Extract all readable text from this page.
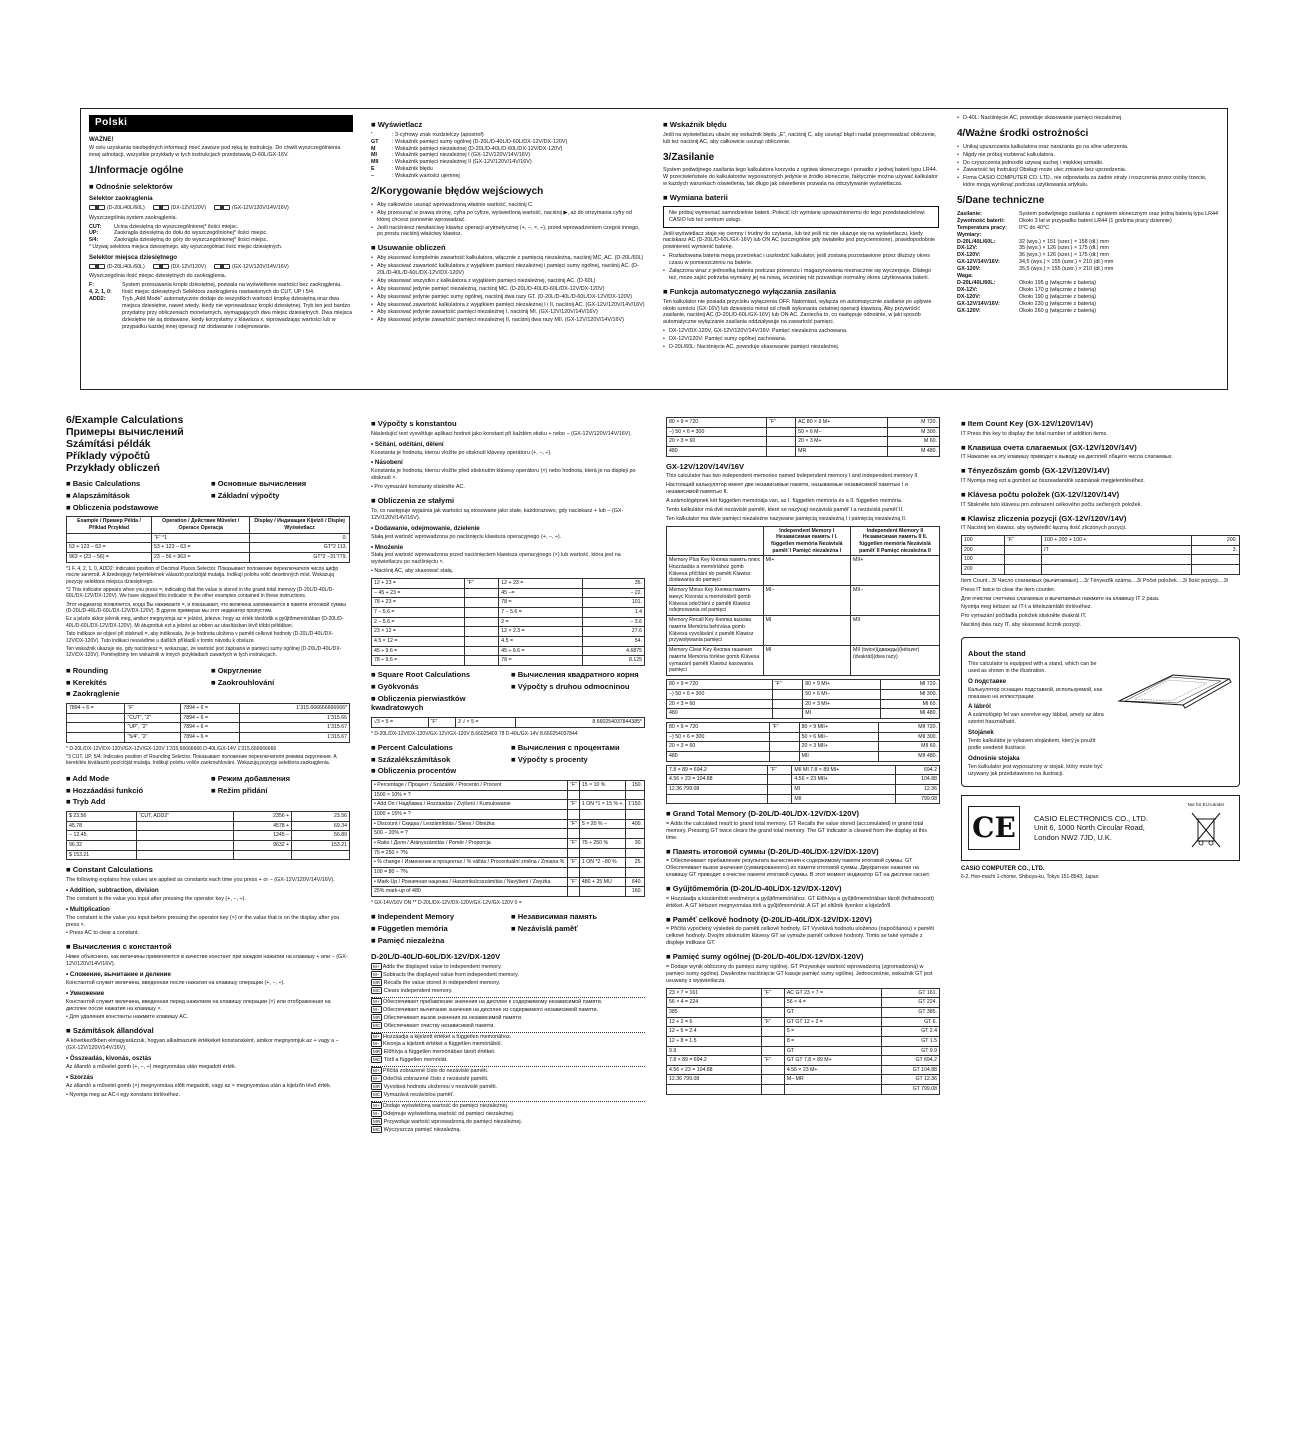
Polski
WAŻNE!

W celu uzyskania niezbędnych informacji mieć zawsze pod ręką tę instrukcję. Do chwili wyszczególnienia innej adnotacji, wszystkie przykłady w tych instrukcjach przedstawią D-60L/GX-16V.

1/Informacje ogólne
■ Odnośnie selektorów
Selektor zaokrąglenia
(D-20L/40L/60L)	(DX-12V/120V)	(GX-12V/120V/14V/16V)

Wyszczególnia system zaokrąglenia.

CUT:	Ucina dziesiętną do wyszczególnionej* ilości miejsc.
UP:	Zaokrągla dziesiętną do dołu do wyszczególnionej* ilości miejsc.
5/4:	Zaokrągla dziesiętną do góry do wyszczególnionej* ilości miejsc.

* Używaj selektora miejsca dziesiętnego, aby wyszczególniać ilość miejsc dziesiętnych.

Selektor miejsca dziesiętnego
(D-20L/40L/60L)	(DX-12V/120V)	(GX-12V/120V/14V/16V)

Wyszczególnia ilość miejsc dziesiętnych do zaokrąglenia.

F:	System przesuwania kropki dziesiętnej, pozwala na wyświetlenie wartości bez zaokrąglenia.
4, 2, 1, 0:	Ilość miejsc dziesiętnych Selektora zaokrąglenia nastawionych do CUT, UP i 5/4.
ADD2:	Tryb „Add Mode” automatycznie dodaje do wszystkich wartości kropkę dziesiętną oraz dwa miejsca dziesiętne, nawet wtedy, kiedy nie wprowadzasz kropki dziesiętnej. Tryb ten jest bardzo przydatny przy obliczeniach monetarnych, wymagających dwu miejsc dziesiętnych. Dwa miejsca dziesiętne nie są dodawane, kiedy korzystamy z klawisza x, wprowadzając wartości lub w przypadku każdej innej operacji niż dodawanie i odejmowanie.
■ Wyświetlacz
’	: 3-cyfrowy znak rozdzielczy (apostrof)
GT	: Wskaźnik pamięci sumy ogólnej (D-20L/D-40L/D-60L/DX-12V/DX-120V)
M	: Wskaźnik pamięci niezależnej (D-20L/D-40L/D-60L/DX-12V/DX-120V)
MI	: Wskaźnik pamięci niezależnej I (GX-12V/120V/14V/16V)
MII	: Wskaźnik pamięci niezależnej II (GX-12V/120V/14V/16V)
E	: Wskaźnik błędu
–	: Wskaźnik wartości ujemnej
2/Korygowanie błędów wejściowych
• Aby całkowicie usunąć wprowadzoną właśnie wartość, naciśnij C.
• Aby przesunąć w prawą stronę, cyfra po cyfrze, wyświetloną wartość, naciśnij ▶, aż do otrzymania cyfry od której chcesz ponownie wprowadzać.
• Jeśli naciśniesz niewłaściwy klawisz operacji arytmetycznej (+, −, ×, ÷), przed wprowadzeniem czegoś innego, po prostu naciśnij właściwy klawisz.
■ Usuwanie obliczeń
• Aby skasować kompletnie zawartość kalkulatora, włącznie z pamięcią niezależną, naciśnij MC, AC. (D-20L/60L)
• Aby skasować zawartość kalkulatora z wyjątkiem pamięci niezależnej i pamięci sumy ogólnej, naciśnij AC. (D-20L/D-40L/D-60L/DX-12V/DX-120V)
• Aby skasować wszystko z kalkulatora z wyjątkiem pamięci niezależnej, naciśnij AC. (D-60L)
• Aby skasować jedynie pamięć niezależną, naciśnij MC. (D-20L/D-40L/D-60L/DX-12V/DX-120V)
• Aby skasować jedynie pamięć sumy ogólnej, naciśnij dwa razy GT. (D-20L/D-40L/D-60L/DX-12V/DX-120V)
• Aby skasować zawartość kalkulatora z wyjątkiem pamięci niezależnej I i II, naciśnij AC. (GX-12V/120V/14V/16V)
• Aby skasować jedynie zawartość pamięci niezależnej I, naciśnij MI. (GX-12V/120V/14V/16V)
• Aby skasować jedynie zawartość pamięci niezależnej II, naciśnij dwa razy MII. (GX-12V/120V/14V/16V)
■ Wskaźnik błędu

Jeśli na wyświetlaczu ukaże się wskaźnik błędu „E”, naciśnij C, aby usunąć błąd i nadal przeprowadzać obliczenie, lub też naciśnij AC, aby całkowicie usunąć obliczenie.

3/Zasilanie

System podwójnego zasilania tego kalkulatora korzysta z ogniwa słonecznego i ponadto z jednej baterii typu LR44. W przeciwieństwie do kalkulatorów wyposażonych jedynie w źródło słoneczne, faktycznie można używać kalkulator w każdych warunkach oświetlenia, tak długo jak oświetlenie pozwala na odczytywanie wyświetlacza.

■ Wymiana baterii
Nie próbuj wymieniać samodzielnie baterii. Polecić ich wymianę upoważnionemu do tego przedstawicielowi CASIO lub też centrum usługi.

Jeśli wyświetlacz staje się ciemny i trudny do czytania, lub też jeśli nic nie ukazuje się na wyświetlaczu, kiedy naciskasz AC (D-20L/D-60L/GX-16V) lub ON AC (szczególnie gdy światełko jest przyciemnione), prawdopodobnie powinieneś wymienić baterię.

• Rozładowana bateria mogą przeciekać i uszkodzić kalkulator, jeśli zostaną pozostawione przez dłuższy okres czasu w pomieszczeniu na baterie.
• Załączona wraz z jednostką bateria podczas przewozu i magazynowania nieznacznie się wyczerpuje. Dlatego też, może zajść potrzeba wymiany jej na nową, wcześniej niż przewiduje normalny okres użytkowania baterii.
■ Funkcja automatycznego wyłączania zasilania

Ten kalkulator nie posiada przycisku wyłączenia OFF. Natomiast, wyłącza on automatycznie zasilanie po upływie około sześciu (GX-16V) lub dziesięciu minut od chwili wykonania ostatniej operacji klawiszą. Aby przywrócić zasilanie, naciśnij AC (D-20L/D-60L/GX-16V) lub ON AC. Zaniecha to, co następuje odnośnie, w jaki sposób automatyczne wyłączanie zasilania oddziaływuje na zawartość pamięci.

• DX-12V/DX-120V, GX-12V/120V/14V/16V: Pamięć niezależna zachowana.
• DX-12V/120V: Pamięć sumy ogólnej zachowana.
• D-20L/60L: Naciśnięcie AC, powoduje skasowanie pamięci niezależnej.
• D-40L: Naciśnięcie AC, powoduje skasowanie pamięci niezależnej.
4/Ważne środki ostrożności
• Unikaj upuszczania kalkulatora oraz narażania go na silne uderzenia.
• Nigdy nie próbuj rozbierać kalkulatora.
• Do czyszczenia jednostki używaj suchej i miękkiej szmatki.
• Zawartość tej Instrukcji Obsługi może ulec zmianie bez uprzedzenia.
• Firma CASIO COMPUTER CO. LTD., nie odpowiada za żadne straty i roszczenia przez osoby trzecie, które mogą wyniknąć podczas użytkowania artykułu.
5/Dane techniczne
Zasilanie:	System podwójnego zasilania z ogniwem słonecznym oraz jedną baterią typu LR44
Żywotność baterii:	Około 3 lat w przypadku baterii LR44 (1 godzina pracy dziennie)
Temperatura pracy:	0°C do 40°C
Wymiary:
D-20L/40L/60L:	32 (wys.) × 151 (szer.) × 158 (dł.) mm
DX-12V:	35 (wys.) × 126 (szer.) × 175 (dł.) mm
DX-120V:	36 (wys.) × 126 (szer.) × 175 (dł.) mm
GX-12V/14V/16V:	34,5 (wys.) × 155 (szer.) × 210 (dł.) mm
GX-120V:	35,5 (wys.) × 155 (szer.) × 210 (dł.) mm
Waga:
D-20L/40L/60L:	Około 195 g (włącznie z baterią)
DX-12V:	Około 170 g (włącznie z baterią)
DX-120V:	Około 190 g (włącznie z baterią)
GX-12V/14V/16V:	Około 230 g (włącznie z baterią)
GX-120V:	Około 260 g (włącznie z baterią)
6/Example Calculations
Примеры вычислений
Számítási példák
Příklady výpočtů
Przykłady obliczeń
■ Basic Calculations	■ Основные вычисления
■ Alapszámítások	■ Základní výpočty
■ Obliczenia podstawowe
Example / Пример Példa / Příklad Przykład	Operation / Действие Művelet / Operace Operacja	Display / Индикация Kijelző / Displej Wyświetlacz
	“F” *1	0.
53 + 123 − 63 =	53 + 123 − 63 =	GT*2 113.
963 × (23 − 56) =	23 − 56 × 963 =	GT*2 −31’779.

*1 F, 4, 2, 1, 0, ADD2: Indicates position of Decimal Places Selector. Показывает положение переключателя числа цифр после запятой. A tizedesjegy helyértékének választó pozícióját mutatja. Indikují polohu volič desetinných míst. Wskazują pozycję selektora miejsca dziesiętnego.

*2 This indicator appears when you press =, indicating that the value is stored in the grand total memory (D-20L/D-40L/D-60L/DX-12V/DX-120V). We have skipped this indicator in the other examples contained in these instructions.

Этот индикатор появляется, когда Вы нажимаете =, и показывает, что величина запоминается в памяти итоговой суммы (D-20L/D-40L/D-60L/DX-12V/DX-120V). В других примерах мы этот индикатор пропустим.

Ez a jelzés akkor jelenik meg, amikor megnyomja az = jelzést, jelezve, hogy az érték tárolódik a gyűjtőmemóriában (D-20L/D-40L/D-60L/DX-12V/DX-120V). Mi átugrottuk ezt a jelzést az ebben az utasításban lévő többi példában.

Tato indikace se objeví při stisknutí =, aby indikovala, že je hodnota uložena v paměti celkové hodnoty (D-20L/D-40L/DX-12V/DX-120V). Tuto indikaci neuvádíme u dalších příkladů v tomto návodu k obsluze.

Ten wskaźnik ukazuje się, gdy naciśniesz =, wskazując, że wartość jest zapisana w pamięci sumy ogólnej (D-20L/D-40L/DX-12V/DX-120V). Pominęliśmy ten wskaźnik w innych przykładach zawartych w tych instrukcjach.

■ Rounding	■ Округление
■ Kerekítés	■ Zaokrouhlování
■ Zaokrąglenie
7894 ÷ 6 =	“F”	7894 ÷ 6 =	1’315.666666666666*
	“CUT”, “2”	7894 ÷ 6 =	1’315.66
	“UP”, “2”	7894 ÷ 6 =	1’315.67
	“5/4”, “2”	7894 ÷ 6 =	1’315.67

* D-20L/DX-12V/DX-120V/GX-12V/GX-120V 1’315.66666666 D-40L/GX-14V 1’315.666666666

*3 CUT, UP, 5/4: Indicates position of Rounding Selector. Показывает положение переключателя режима округления. A kerekítés kiválasztó pozícióját mutatja. Indikují polohu voliče zaokrouhlování. Wskazują pozycję selektora zaokrąglenia.

■ Add Mode	■ Режим добавления
■ Hozzáadási funkció	■ Režim přidání
■ Tryb Add
$ 23.56	“CUT, ADD2”	2356 +	23.56
45.78		4578 +	69.34
− 12.45		1245 −	56.89
96.32		9632 +	153.21
$ 153.21			
■ Constant Calculations

The following explains how values are applied as constants each time you press + or − (GX-12V/120V/14V/16V).

• Addition, subtraction, division

The constant is the value you input after pressing the operator key (+, −, ÷).

• Multiplication

The constant is the value you input before pressing the operator key (×) or the value that is on the display after you press ×.

• Press AC to clear a constant.

■ Вычисления с константой

Ниже объяснено, как величины применяются в качестве констант при каждом нажатии на клавишу + или − (GX-12V/120V/14V/16V).

• Сложение, вычитание и деление

Константой служит величина, введенная после нажатия на клавишу операции (+, −, ÷).

• Умножение

Константой служит величина, введенная перед нажатием на клавишу операции (×) или отображенная на дисплее после нажатия на клавишу ×.

• Для удаления константы нажмите клавишу AC.

■ Számítások állandóval

A következőkben elmagyarázzuk, hogyan alkalmazunk értékeket konstansként, amikor megnyomjuk az + vagy a − (GX-12V/120V/14V/16V).

• Összeadás, kivonás, osztás

Az állandó a művelet gomb (+, −, ÷) megnyomása után megadott érték.

• Szorzás

Az állandó a művelet gomb (×) megnyomása előtt megadott, vagy az × megnyomása után a kijelzőn lévő érték.

• Nyomja meg az AC-t egy konstans törléséhez.

■ Výpočty s konstantou

Následující text vysvětluje aplikaci hodnot jako konstant při každém stisku + nebo − (GX-12V/120V/14V/16V).

• Sčítání, odčítání, dělení

Konstanta je hodnota, kterou vložíte po stisknutí klávesy operátoru (+, −, ÷).

• Násobení

Konstanta je hodnota, kterou vložíte před stisknutím klávesy operátoru (×) nebo hodnota, která je na displeji po stisknutí ×.

• Pro vymazání konstanty stiskněte AC.

■ Obliczenia ze stałymi

To, co następuje wyjaśnia jak wartości są stosowane jako stałe, każdorazowo, gdy naciskasz + lub − (GX-12V/120V/14V/16V).

• Dodawanie, odejmowanie, dzielenie

Stałą jest wartość wprowadzona po naciśnięciu klawisza operacyjnego (+, −, ÷).

• Mnożenie

Stałą jest wartość wprowadzona przed naciśnięciem klawisza operacyjnego (×) lub wartość, która jest na wyświetlaczu po naciśnięciu ×.

• Naciśnij AC, aby skasować stałą.

12 + 23 =	“F”	12 + 23 =	35.
− 45 + 23 =		45 −=	− 22.
78 + 23 =		78 =	101.
7 − 5.6 =		7 − 5.6 =	1.4
2 − 5.6 =		2 =	− 3.6
23 × 12 =		12 × 2.3 =	27.6
4.5 × 12 =		4.5 =	54.
45 ÷ 9.6 =		45 ÷ 9.6 =	4.6875
78 ÷ 9.6 =		78 =	8.125
■ Square Root Calculations	■ Вычисления квадратного корня
■ Gyökvonás	■ Výpočty s druhou odmocninou
■ Obliczenia pierwiastków kwadratowych
√3 × 5 =	“F”	3 √ × 5 =	8.660254037844385*

* D-20L/DX-12V/DX-120V/GX-12V/GX-120V 8.66025403 78 D-40L/GX-14V 8.660254037844

■ Percent Calculations	■ Вычисления с процентами
■ Százalékszámítások	■ Výpočty s procenty
■ Obliczenia procentów
• Percentage / Процент / Százalék / Procento / Procent	“F”	15 × 10 %	150.
1500 × 10% = ?			
• Add On / Надбавка / Hozzáadás / Zvýšení / Kumulowanie	“F”	1 ON *1 × 15 % +	1’150.
1000 + 15% = ?			
• Discount / Скидка / Leszámítolás / Sleva / Obniżka	“F”	5 × 20 % −	400.
500 − 20% = ?			
• Ratio / Доля / Arányszámítás / Poměr / Proporcja	“F”	75 ÷ 250 %	30.
75 = 250 × ?%			
• % change / Изменение в процентах / % váltás / Procentuální změna / Zmiana %	“F”	1 ON *2 −80 %	25.
100 = 80 − ?%			
• Mark-Up / Розничная наценка / Haszonkulcsszámítás / Navýšení / Zwyżka	“F”	480 + 25 MU	640.
25% mark-up of 480			160.

* GX-14V/16V ON ** D-20L/DX-12V/DX-120V/GX-12V/GX-120V 0 =

■ Independent Memory	■ Независимая память
■ Független memória	■ Nezávislá paměť
■ Pamięć niezależna
D-20L/D-40L/D-60L/DX-12V/DX-120V
M+ Adds the displayed value to independent memory.
M− Subtracts the displayed value from independent memory.
MR Recalls the value stored in independent memory.
MC Clears independent memory.
M+ Обеспечивает прибавление значения на дисплее к содержимому независимой памяти.
M− Обеспечивает вычитание значения на дисплее из содержимого независимой памяти.
MR Обеспечивает вызов значения из независимой памяти.
MC Обеспечивает очистку независимой памяти.
M+ Hozzáadja a kijelzett értéket a független memóriához.
M− Kivonja a kijelzett értéket a független memóriából.
MR Előhívja a független memóriában tárolt értéket.
MC Törli a független memóriát.
M+ Přičítá zobrazené číslo do nezávislé paměti.
M− Odečítá zobrazené číslo z nezávislé paměti.
MR Vyvolává hodnotu uloženou v nezávislé paměti.
MC Vymazává nezávislou paměť.
M+ Dodaje wyświetloną wartość do pamięci niezależnej.
M− Odejmuje wyświetloną wartość od pamięci niezależnej.
MR Przywołuje wartość wprowadzoną do pamięci niezależnej.
MC Wyczyszcza pamięć niezależną.
80 × 9 = 720	“F”	AC 80 × 9 M+	M 720.
−) 50 × 6 = 300		50 × 6 M−	M 300.
20 × 3 = 60		20 × 3 M+	M 60.
480		MR	M 480.
GX-12V/120V/14V/16V

This calculator has two independent memories named independent memory I and independent memory II.

Настоящий калькулятор имеет две независимые памяти, называемые независимой памятью I и независимой памятью II.

A számológépnek két független memóriája van, az I. független memória és a II. független memória.

Tento kalkulátor má dvě nezávislé paměti, které se nazývají nezávislá paměť I a nezávislá paměť II.

Ten kalkulator ma dwie pamięci niezależne nazywane pamięcią niezależną I i pamięcią niezależną II.

	Independent Memory I Независимая память I I. független memória Nezávislá paměť I Pamięć niezależna I	Independent Memory II Независимая память II II. független memória Nezávislá paměť II Pamięć niezależna II
Memory Plus Key Кнопка память плюс Hozzáadás a memóriához gomb Klávesa přičítání do paměti Klawisz dodawania do pamięci	MI+	MII+
Memory Minus Key Кнопка память минус Kivonás a memóriából gomb Klávesa odečítání z paměti Klawisz odejmowania od pamięci	MI−	MII−
Memory Recall Key Кнопка вызова памяти Memória behívása gomb Klávesa vyvolávání z paměti Klawisz przywoływania pamięci	MI	MII
Memory Clear Key Кнопка гашения памяти Memória törlése gomb Klávesa vymazání paměti Klawisz kasowania pamięci	MI	MII (twice)(дважды)(kétszer)(dvakrát)(dwa razy)
80 × 9 = 720	“F”	80 × 9 MI+	MI 720.
−) 50 × 6 = 300		50 × 6 MI−	MI 300.
20 × 3 = 60		20 × 3 MI+	MI 60.
480		MI	MI 480.
80 × 9 = 720	“F”	80 × 9 MII+	MII 720.
−) 50 × 6 = 300		50 × 6 MII−	MII 300.
20 × 3 = 60		20 × 3 MII+	MII 60.
480		MII	MII 480.
7.8 × 89 = 694.2	“F”	MII MI 7.8 × 89 MI+	694.2
4.56 × 23 = 104.88		4.56 × 23 MII+	104.88
12.36 799.08		MI	12.36
		MII	799.08
■ Grand Total Memory (D-20L/D-40L/DX-12V/DX-120V)

= Adds the calculated result to grand total memory. GT Recalls the value stored (accumulated) in grand total memory. Pressing GT twice clears the grand total memory. The GT indicator is cleared from the display at this time.

■ Память итоговой суммы (D-20L/D-40L/DX-12V/DX-120V)

= Обеспечивает прибавление результата вычисления к содержимому памяти итоговой суммы. GT Обеспечивает вызов значения (суммированного) из памяти итоговой суммы. Двукратное нажатие на клавишу GT приводит к очистке памяти итоговой суммы. В этот момент индикатор GT на дисплее гаснет.

■ Gyűjtőmemória (D-20L/D-40L/DX-12V/DX-120V)

= Hozzáadja a kiszámított eredményt a gyűjtőmemóriához. GT Előhívja a gyűjtőmemóriában tárolt (felhalmozott) értéket. A GT kétszeri megnyomása törli a gyűjtőmemóriát. A GT jel eltűnik ilyenkor a kijelzőről.

■ Paměť celkové hodnoty (D-20L/D-40L/DX-12V/DX-120V)

= Přičítá vypočtený výsledek do paměti celkové hodnoty. GT Vyvolává hodnotu uloženou (napočítanou) v paměti celkové hodnoty. Dvojím stisknutím klávesy GT se vymaže paměť celkové hodnoty. Tímto se také vymaže z displeje indikace GT.

■ Pamięć sumy ogólnej (D-20L/D-40L/DX-12V/DX-120V)

= Dodaje wynik obliczony do pamięci sumy ogólnej. GT Przywołuje wartość wprowadzoną (zgromadzoną) w pamięci sumy ogólnej. Dwukrotne naciśnięcie GT kasuje pamięć sumy ogólnej. Jednocześnie, wskaźnik GT jest usuwany z wyświetlacza.

23 × 7 = 161	“F”	AC GT 23 × 7 =	GT 161.
56 × 4 = 224		56 × 4 =	GT 224.
385		GT	GT 385.
12 + 2 = 6	“F”	GT GT 12 ÷ 2 =	GT 6.
12 ÷ 5 = 2.4		5 =	GT 2.4
12 ÷ 8 = 1.5		8 =	GT 1.5
9.9		GT	GT 9.9
7.8 × 89 = 694.2	“F”	GT GT 7.8 × 89 M+	GT 694.2
4.56 × 23 = 104.88		4.56 × 23 M+	GT 104.88
12.36 799.08		M− MR	GT 12.36
			GT 799.08
■ Item Count Key (GX-12V/120V/14V)

IT Press this key to display the total number of addition items.

■ Клавиша счета слагаемых (GX-12V/120V/14V)

IT Нажатие на эту клавишу приводит к выводу на дисплей общего числа слагаемых.

■ Tényezőszám gomb (GX-12V/120V/14V)

IT Nyomja meg ezt a gombot az összeadandók számának megjelenítéséhez.

■ Klávesa počtu položek (GX-12V/120V/14V)

IT Stiskněte tuto klávesu pro zobrazení celkového počtu sečtených položek.

■ Klawisz zliczenia pozycji (GX-12V/120V/14V)

IT Naciśnij ten klawisz, aby wyświetlić łączną ilość zliczonych pozycji.

100	“F”	100 + 200 + 100 +	200.
200		IT	3.
100			
200			

Item Count...3/ Число слагаемых (вычитаемых)....3/ Tényezők száma....3/ Počet položek....3/ Ilość pozycji....3/

Press IT twice to clear the item counter.

Для очистки счетчика слагаемых и вычитаемых нажмите на клавишу IT 2 раза.

Nyomja meg kétszer az IT-t a tételszámláló törléséhez.

Pro vymazání počítadla položek stiskněte dvakrát IT.

Naciśnij dwa razy IT, aby skasować licznik pozycji.

About the stand

This calculator is equipped with a stand, which can be used as shown in the illustration.

О подставке

Калькулятор оснащен подставкой, используемой, как показано на иллюстрации.

A lábról

A számológép fel van szerelve egy lábbal, amely az ábra szerint használható.

Stojánek

Tento kalkulátor je vybaven stojánkem, který je použit podle uvedené ilustrace.

Odnośnie stojaka

Ten kalkulator jest wyposażony w stojak, który może być używany jak przedstawiono na ilustracji.

CE	CASIO ELECTRONICS CO., LTD.
Unit 6, 1000 North Circular Road,
London NW2 7JD, U.K.
Nur für EU-Länder
CASIO COMPUTER CO., LTD.
6-2, Hon-machi 1-chome, Shibuya-ku, Tokyo 151-8543, Japan
